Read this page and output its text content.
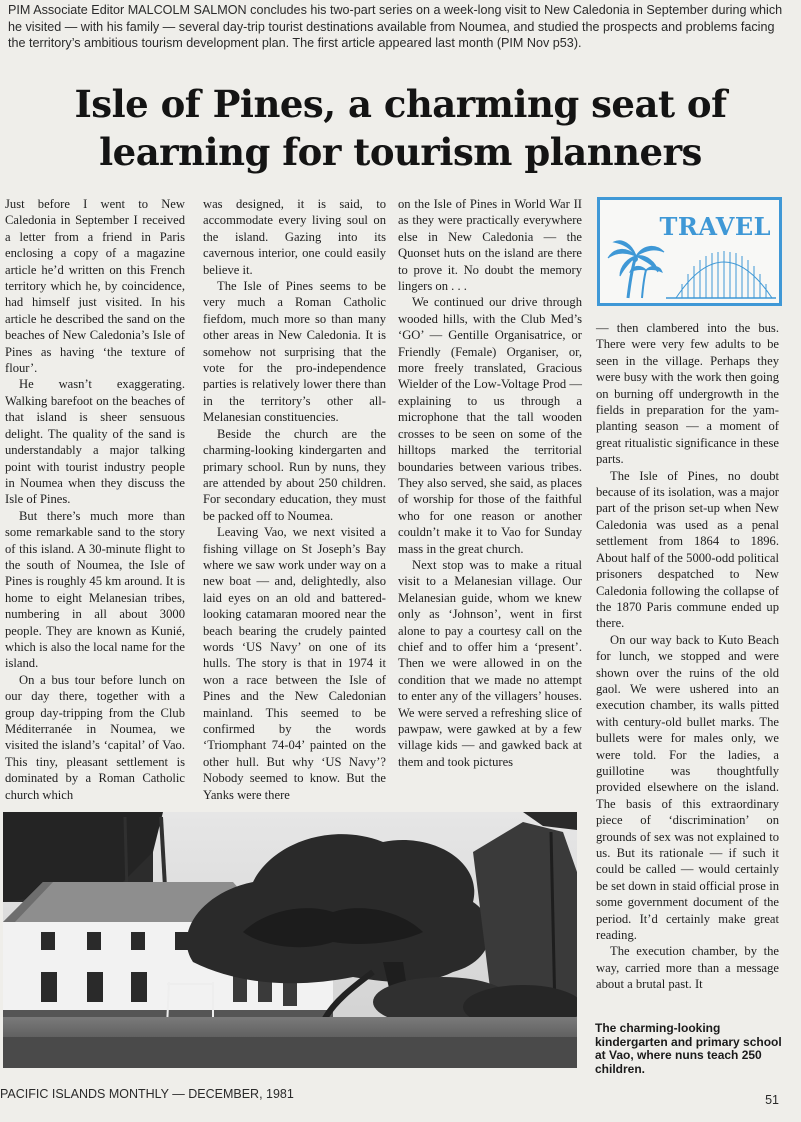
PIM Associate Editor MALCOLM SALMON concludes his two-part series on a week-long visit to New Caledonia in September during which he visited — with his family — several day-trip tourist destinations available from Noumea, and studied the prospects and problems facing the territory’s ambitious tourism development plan. The first article appeared last month (PIM Nov p53).

Isle of Pines, a charming seat of learning for tourism planners

Just before I went to New Caledonia in September I received a letter from a friend in Paris enclosing a copy of a magazine article he’d written on this French territory which he, by coincidence, had himself just visited. In his article he described the sand on the beaches of New Caledonia’s Isle of Pines as having ‘the texture of flour’.

He wasn’t exaggerating. Walking barefoot on the beaches of that island is sheer sensuous delight. The quality of the sand is understandably a major talking point with tourist industry people in Noumea when they discuss the Isle of Pines.

But there’s much more than some remarkable sand to the story of this island. A 30-minute flight to the south of Noumea, the Isle of Pines is roughly 45 km around. It is home to eight Melanesian tribes, numbering in all about 3000 people. They are known as Kunié, which is also the local name for the island.

On a bus tour before lunch on our day there, together with a group day-tripping from the Club Méditerranée in Noumea, we visited the island’s ‘capital’ of Vao. This tiny, pleasant settlement is dominated by a Roman Catholic church which

was designed, it is said, to accommodate every living soul on the island. Gazing into its cavernous interior, one could easily believe it.

The Isle of Pines seems to be very much a Roman Catholic fiefdom, much more so than many other areas in New Caledonia. It is somehow not surprising that the vote for the pro-independence parties is relatively lower there than in the territory’s other all-Melanesian constituencies.

Beside the church are the charming-looking kindergarten and primary school. Run by nuns, they are attended by about 250 children. For secondary education, they must be packed off to Noumea.

Leaving Vao, we next visited a fishing village on St Joseph’s Bay where we saw work under way on a new boat — and, delightedly, also laid eyes on an old and battered-looking catamaran moored near the beach bearing the crudely painted words ‘US Navy’ on one of its hulls. The story is that in 1974 it won a race between the Isle of Pines and the New Caledonian mainland. This seemed to be confirmed by the words ‘Triomphant 74-04’ painted on the other hull. But why ‘US Navy’? Nobody seemed to know. But the Yanks were there

on the Isle of Pines in World War II as they were practically everywhere else in New Caledonia — the Quonset huts on the island are there to prove it. No doubt the memory lingers on . . .

We continued our drive through wooded hills, with the Club Med’s ‘GO’ — Gentille Organisatrice, or Friendly (Female) Organiser, or, more freely translated, Gracious Wielder of the Low-Voltage Prod — explaining to us through a microphone that the tall wooden crosses to be seen on some of the hilltops marked the territorial boundaries between various tribes. They also served, she said, as places of worship for those of the faithful who for one reason or another couldn’t make it to Vao for Sunday mass in the great church.

Next stop was to make a ritual visit to a Melanesian village. Our Melanesian guide, whom we knew only as ‘Johnson’, went in first alone to pay a courtesy call on the chief and to offer him a ‘present’. Then we were allowed in on the condition that we made no attempt to enter any of the villagers’ houses. We were served a refreshing slice of pawpaw, were gawked at by a few village kids — and gawked back at them and took pictures

TRAVEL

— then clambered into the bus. There were very few adults to be seen in the village. Perhaps they were busy with the work then going on burning off undergrowth in the fields in preparation for the yam-planting season — a moment of great ritualistic significance in these parts.

The Isle of Pines, no doubt because of its isolation, was a major part of the prison set-up when New Caledonia was used as a penal settlement from 1864 to 1896. About half of the 5000-odd political prisoners despatched to New Caledonia following the collapse of the 1870 Paris commune ended up there.

On our way back to Kuto Beach for lunch, we stopped and were shown over the ruins of the old gaol. We were ushered into an execution chamber, its walls pitted with century-old bullet marks. The bullets were for males only, we were told. For the ladies, a guillotine was thoughtfully provided elsewhere on the island. The basis of this extraordinary piece of ‘discrimination’ on grounds of sex was not explained to us. But its rationale — if such it could be called — would certainly be set down in staid official prose in some government document of the period. It’d certainly make great reading.

The execution chamber, by the way, carried more than a message about a brutal past. It

The charming-looking kindergarten and primary school at Vao, where nuns teach 250 children.

PACIFIC ISLANDS MONTHLY — DECEMBER, 1981	51
